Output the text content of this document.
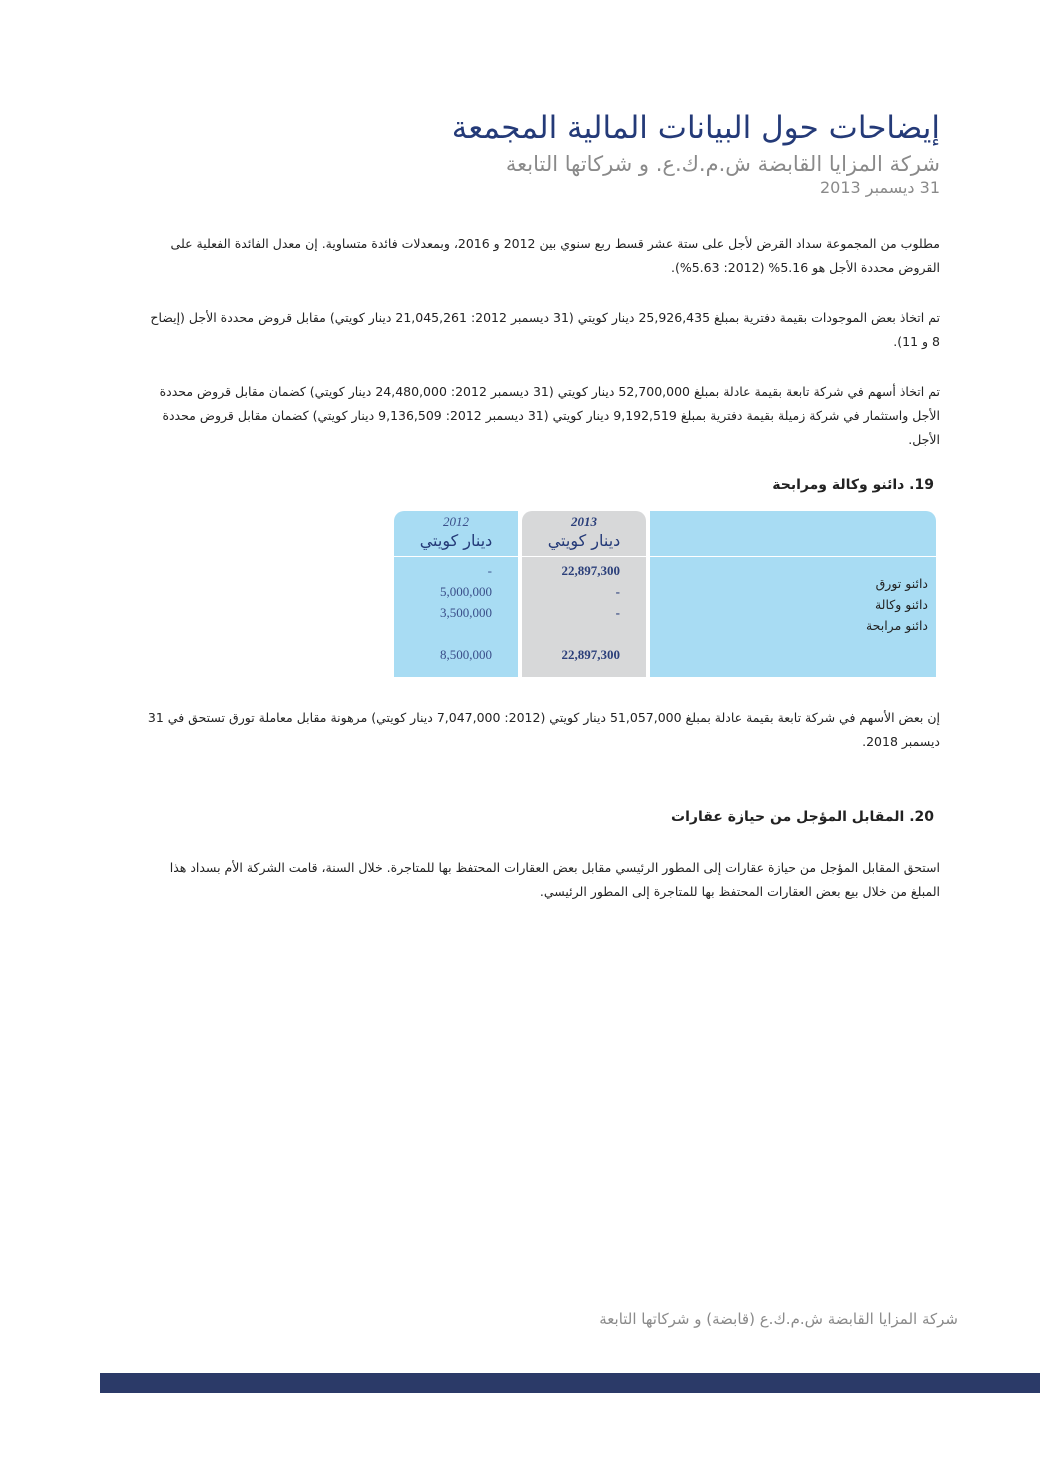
إيضاحات حول البيانات المالية المجمعة
شركة المزايا القابضة ش.م.ك.ع. و شركاتها التابعة
31 ديسمبر 2013
مطلوب من المجموعة سداد القرض لأجل على ستة عشر قسط ربع سنوي بين 2012 و 2016، وبمعدلات فائدة متساوية. إن معدل الفائدة الفعلية على القروض محددة الأجل هو 5.16% (2012: 5.63%).
تم اتخاذ بعض الموجودات بقيمة دفترية بمبلغ 25,926,435 دينار كويتي (31 ديسمبر 2012: 21,045,261 دينار كويتي) مقابل قروض محددة الأجل (إيضاح 8 و 11).
تم اتخاذ أسهم في شركة تابعة بقيمة عادلة بمبلغ 52,700,000 دينار كويتي (31 ديسمبر 2012: 24,480,000 دينار كويتي) كضمان مقابل قروض محددة الأجل واستثمار في شركة زميلة بقيمة دفترية بمبلغ 9,192,519 دينار كويتي (31 ديسمبر 2012: 9,136,509 دينار كويتي) كضمان مقابل قروض محددة الأجل.
19. دائنو وكالة ومرابحة
2012
دينار كويتي
-
5,000,000
3,500,000
8,500,000
2013
دينار كويتي
22,897,300
-
-
22,897,300
دائنو تورق
دائنو وكالة
دائنو مرابحة
إن بعض الأسهم في شركة تابعة بقيمة عادلة بمبلغ 51,057,000 دينار كويتي (2012: 7,047,000 دينار كويتي) مرهونة مقابل معاملة تورق تستحق في 31 ديسمبر 2018.
20. المقابل المؤجل من حيازة عقارات
استحق المقابل المؤجل من حيازة عقارات إلى المطور الرئيسي مقابل بعض العقارات المحتفظ بها للمتاجرة. خلال السنة، قامت الشركة الأم بسداد هذا المبلغ من خلال بيع بعض العقارات المحتفظ بها للمتاجرة إلى المطور الرئيسي.
شركة المزايا القابضة ش.م.ك.ع (قابضة) و شركاتها التابعة
